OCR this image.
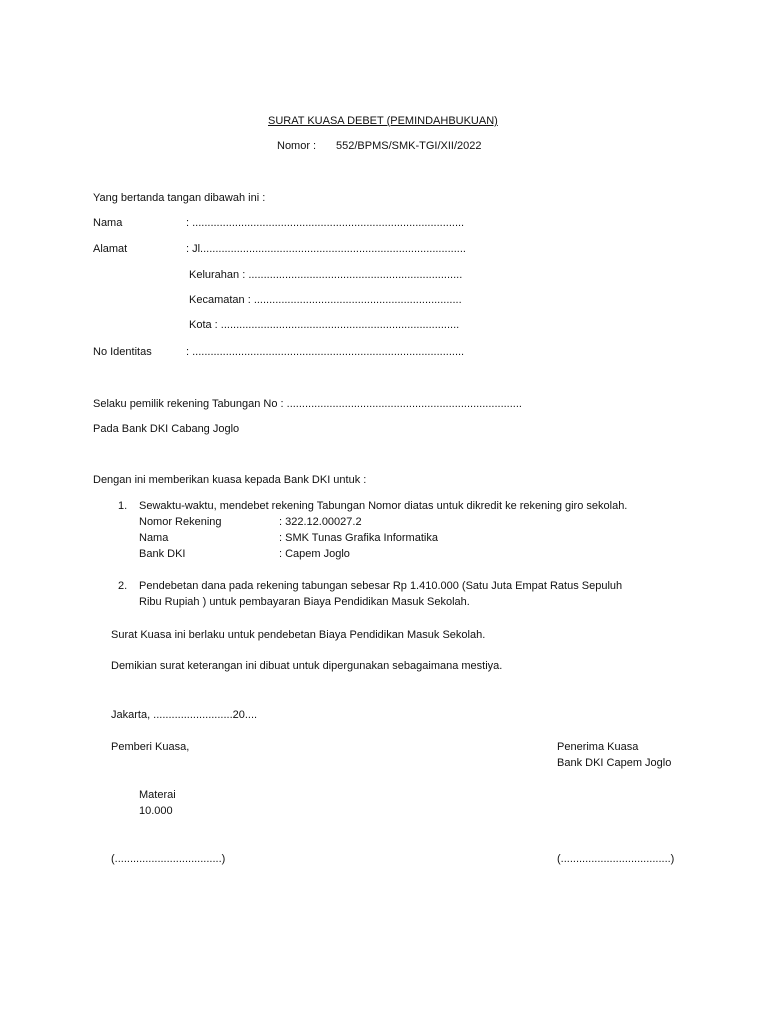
SURAT KUASA DEBET (PEMINDAHBUKUAN)
Nomor : 552/BPMS/SMK-TGI/XII/2022
Yang bertanda tangan dibawah ini :
Nama	: .........................................................................................
Alamat	: Jl.......................................................................................
Kelurahan : ......................................................................
Kecamatan : ....................................................................
Kota : ..............................................................................
No Identitas	: .........................................................................................
Selaku pemilik rekening Tabungan No : .............................................................................
Pada Bank DKI Cabang Joglo
Dengan ini memberikan kuasa kepada Bank DKI untuk :
1. Sewaktu-waktu, mendebet rekening Tabungan Nomor diatas untuk dikredit ke rekening giro sekolah.
Nomor Rekening	: 322.12.00027.2
Nama	: SMK Tunas Grafika Informatika
Bank DKI	: Capem Joglo
2. Pendebetan dana pada rekening tabungan sebesar Rp 1.410.000 (Satu Juta Empat Ratus Sepuluh
Ribu Rupiah ) untuk pembayaran Biaya Pendidikan Masuk Sekolah.
Surat Kuasa ini berlaku untuk pendebetan Biaya Pendidikan Masuk Sekolah.
Demikian surat keterangan ini dibuat untuk dipergunakan sebagaimana mestiya.
Jakarta, ..........................20....
Pemberi Kuasa,	Penerima Kuasa
Bank DKI Capem Joglo
Materai
10.000
(...................................)	(....................................)
